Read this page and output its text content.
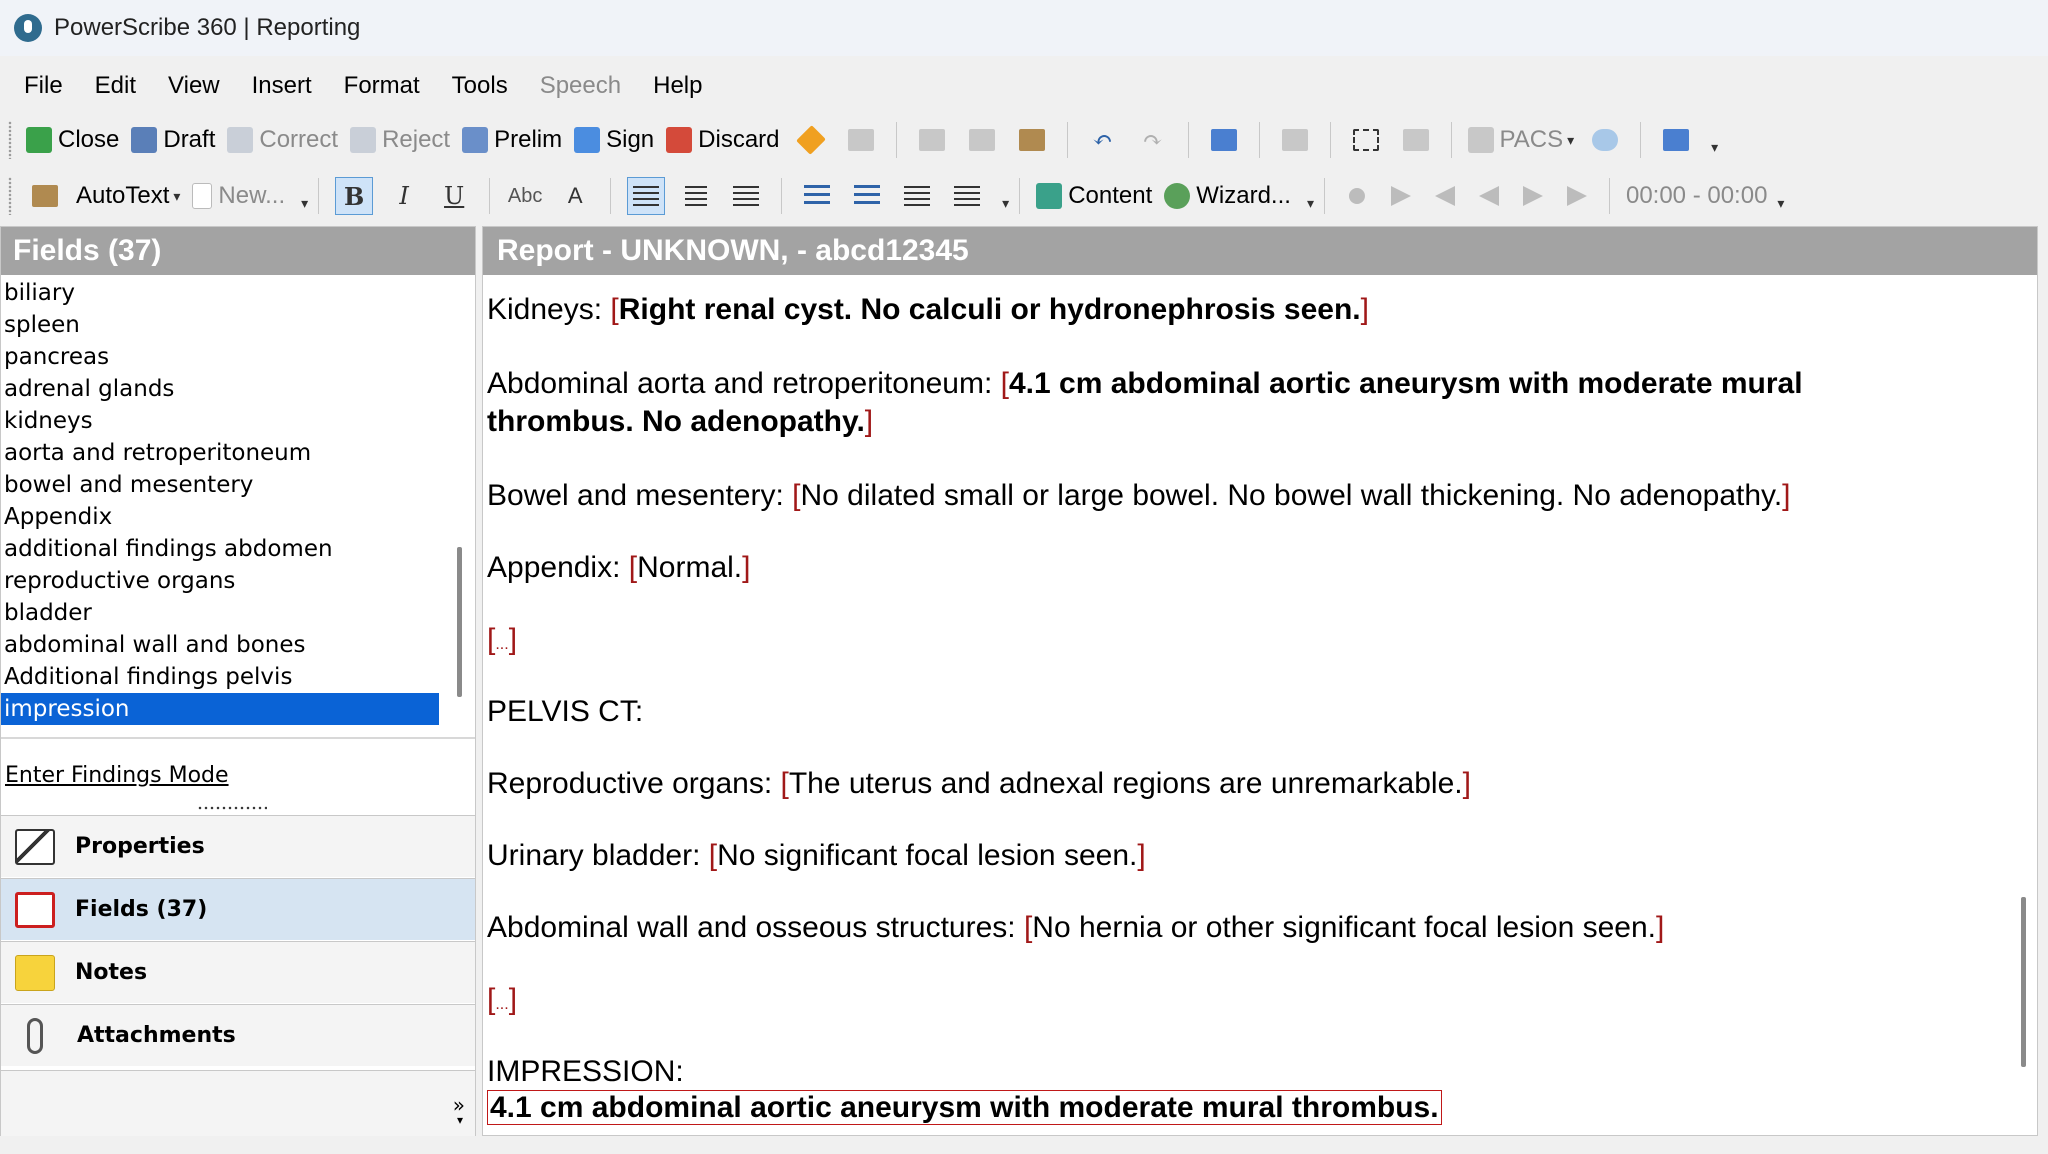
PowerScribe 360 | Reporting
File Edit View Insert Format Tools Speech Help
Close Draft Correct Reject Prelim Sign Discard	↶ ↷	PACS ▾
▾
AutoText ▾ New... ▾	B	I	U	Abc A	▾ Content Wizard... ▾	00:00 - 00:00 ▾
Fields (37)
biliary
spleen
pancreas
adrenal glands
kidneys
aorta and retroperitoneum
bowel and mesentery
Appendix
additional findings abdomen
reproductive organs
bladder
abdominal wall and bones
Additional findings pelvis
impression
Enter Findings Mode
Properties
Fields (37)
Notes
Attachments
»
▾
Report - UNKNOWN, - abcd12345
Kidneys: [Right renal cyst. No calculi or hydronephrosis seen.]
Abdominal aorta and retroperitoneum: [4.1 cm abdominal aortic aneurysm with moderate mural
thrombus. No adenopathy.]
Bowel and mesentery: [No dilated small or large bowel. No bowel wall thickening. No adenopathy.]
Appendix: [Normal.]
[...]
PELVIS CT:
Reproductive organs: [The uterus and adnexal regions are unremarkable.]
Urinary bladder: [No significant focal lesion seen.]
Abdominal wall and osseous structures: [No hernia or other significant focal lesion seen.]
[...]
IMPRESSION:
4.1 cm abdominal aortic aneurysm with moderate mural thrombus.
